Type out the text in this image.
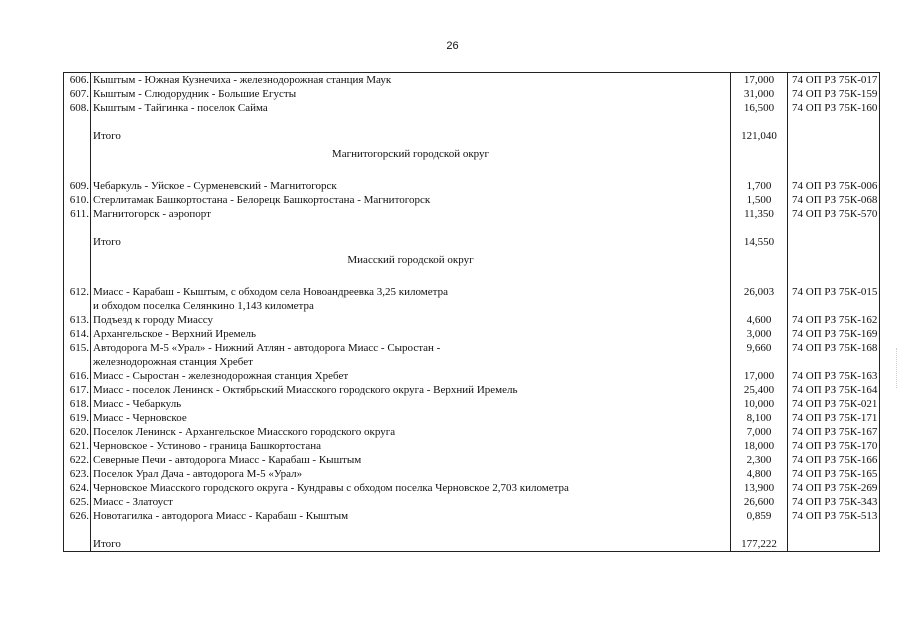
26
606.	Кыштым - Южная Кузнечиха - железнодорожная станция Маук	17,000	74 ОП РЗ 75К-017
607.	Кыштым - Слюдорудник - Большие Егусты	31,000	74 ОП РЗ 75К-159
608.	Кыштым - Тайгинка - поселок Сайма	16,500	74 ОП РЗ 75К-160

	Итого	121,040	
	Магнитогорский городской округ		

609.	Чебаркуль - Уйское - Сурменевский - Магнитогорск	1,700	74 ОП РЗ 75К-006
610.	Стерлитамак Башкортостана - Белорецк Башкортостана - Магнитогорск	1,500	74 ОП РЗ 75К-068
611.	Магнитогорск - аэропорт	11,350	74 ОП РЗ 75К-570

	Итого	14,550	
	Миасский городской округ		

612.	Миасс - Карабаш - Кыштым, с обходом села Новоандреевка 3,25 километра	26,003	74 ОП РЗ 75К-015
	и обходом поселка Селянкино 1,143 километра		
613.	Подъезд к городу Миассу	4,600	74 ОП РЗ 75К-162
614.	Архангельское - Верхний Иремель	3,000	74 ОП РЗ 75К-169
615.	Автодорога М-5 «Урал» - Нижний Атлян - автодорога Миасс - Сыростан -	9,660	74 ОП РЗ 75К-168
	железнодорожная станция Хребет		
616.	Миасс - Сыростан - железнодорожная станция Хребет	17,000	74 ОП РЗ 75К-163
617.	Миасс - поселок Ленинск - Октябрьский Миасского городского округа - Верхний Иремель	25,400	74 ОП РЗ 75К-164
618.	Миасс - Чебаркуль	10,000	74 ОП РЗ 75К-021
619.	Миасс - Черновское	8,100	74 ОП РЗ 75К-171
620.	Поселок Ленинск - Архангельское Миасского городского округа	7,000	74 ОП РЗ 75К-167
621.	Черновское - Устиново - граница Башкортостана	18,000	74 ОП РЗ 75К-170
622.	Северные Печи - автодорога Миасс - Карабаш - Кыштым	2,300	74 ОП РЗ 75К-166
623.	Поселок Урал Дача - автодорога М-5 «Урал»	4,800	74 ОП РЗ 75К-165
624.	Черновское Миасского городского округа - Кундравы с обходом поселка Черновское 2,703 километра	13,900	74 ОП РЗ 75К-269
625.	Миасс - Златоуст	26,600	74 ОП РЗ 75К-343
626.	Новотагилка - автодорога Миасс - Карабаш - Кыштым	0,859	74 ОП РЗ 75К-513

	Итого	177,222	
